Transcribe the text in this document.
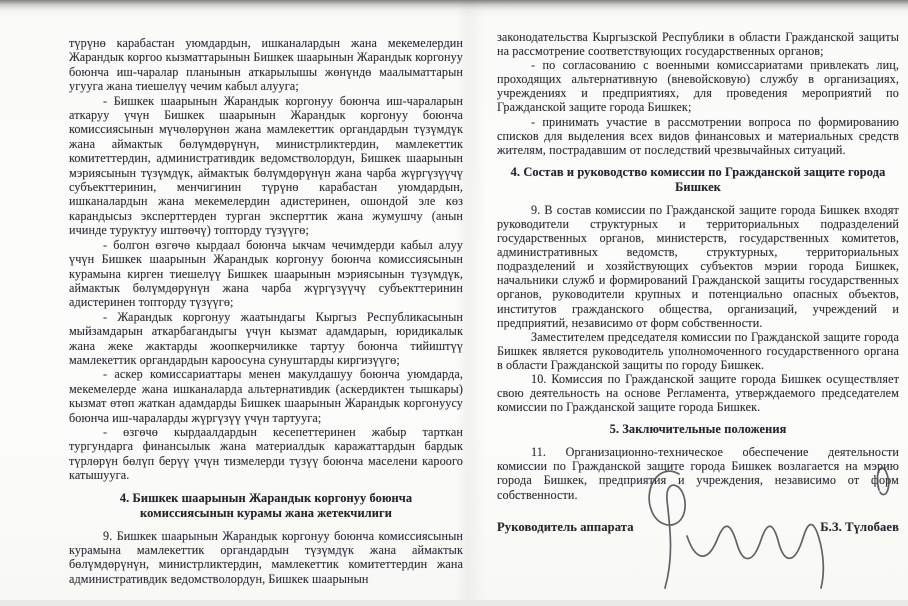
түрүнө карабастан уюмдардын, ишканалардын жана мекемелердин Жарандык коргоо кызматтарынын Бишкек шаарынын Жарандык коргонуу боюнча иш-чаралар планынын аткарылышы жөнүндө маалыматтарын угууга жана тиешелүү чечим кабыл алууга;

- Бишкек шаарынын Жарандык коргонуу боюнча иш-чараларын аткаруу үчүн Бишкек шаарынын Жарандык коргонуу боюнча комиссиясынын мүчөлөрүнөн жана мамлекеттик органдардын түзүмдүк жана аймактык бөлүмдөрүнүн, министрликтердин, мамлекеттик комитеттердин, административдик ведомстволордун, Бишкек шаарынын мэриясынын түзүмдүк, аймактык бөлүмдөрүнүн жана чарба жүргүзүүчү субъекттеринин, менчигинин түрүнө карабастан уюмдардын, ишканалардын жана мекемелердин адистеринен, ошондой эле көз карандысыз эксперттерден турган эксперттик жана жумушчу (анын ичинде туруктуу иштөөчү) топторду түзүүгө;

- болгон өзгөчө кырдаал боюнча ыкчам чечимдерди кабыл алуу үчүн Бишкек шаарынын Жарандык коргонуу боюнча комиссиясынын курамына кирген тиешелүү Бишкек шаарынын мэриясынын түзүмдүк, аймактык бөлүмдөрүнүн жана чарба жүргүзүүчү субъекттеринин адистеринен топторду түзүүгө;

- Жарандык коргонуу жаатындагы Кыргыз Республикасынын мыйзамдарын аткарбагандыгы үчүн кызмат адамдарын, юридикалык жана жеке жактарды жоопкерчиликке тартуу боюнча тийиштүү мамлекеттик органдардын кароосуна сунуштарды киргизүүгө;

- аскер комиссариаттары менен макулдашуу боюнча уюмдарда, мекемелерде жана ишканаларда альтернативдик (аскердиктен тышкары) кызмат өтөп жаткан адамдарды Бишкек шаарынын Жарандык коргонуусу боюнча иш-чараларды жүргүзүү үчүн тартууга;

- өзгөчө кырдаалдардын кесепеттеринен жабыр тарткан тургундарга финансылык жана материалдык каражаттардын бардык түрлөрүн бөлүп берүү үчүн тизмелерди түзүү боюнча маселени кароого катышууга.

4. Бишкек шаарынын Жарандык коргонуу боюнча комиссиясынын курамы жана жетекчилиги

9. Бишкек шаарынын Жарандык коргонуу боюнча комиссиясынын курамына мамлекеттик органдардын түзүмдүк жана аймактык бөлүмдөрүнүн, министрликтердин, мамлекеттик комитеттердин жана административдик ведомстволордун, Бишкек шаарынын

законодательства Кыргызской Республики в области Гражданской защиты на рассмотрение соответствующих государственных органов;

- по согласованию с военными комиссариатами привлекать лиц, проходящих альтернативную (вневойсковую) службу в организациях, учреждениях и предприятиях, для проведения мероприятий по Гражданской защите города Бишкек;

- принимать участие в рассмотрении вопроса по формированию списков для выделения всех видов финансовых и материальных средств жителям, пострадавшим от последствий чрезвычайных ситуаций.

4. Состав и руководство комиссии по Гражданской защите города Бишкек

9. В состав комиссии по Гражданской защите города Бишкек входят руководители структурных и территориальных подразделений государственных органов, министерств, государственных комитетов, административных ведомств, структурных, территориальных подразделений и хозяйствующих субъектов мэрии города Бишкек, начальники служб и формирований Гражданской защиты государственных органов, руководители крупных и потенциально опасных объектов, институтов гражданского общества, организаций, учреждений и предприятий, независимо от форм собственности.

Заместителем председателя комиссии по Гражданской защите города Бишкек является руководитель уполномоченного государственного органа в области Гражданской защиты по городу Бишкек.

10. Комиссия по Гражданской защите города Бишкек осуществляет свою деятельность на основе Регламента, утверждаемого председателем комиссии по Гражданской защите города Бишкек.

5. Заключительные положения

11. Организационно-техническое обеспечение деятельности комиссии по Гражданской защите города Бишкек возлагается на мэрию города Бишкек, предприятия и учреждения, независимо от форм собственности.

Руководитель аппарата	Б.З. Түлобаев
